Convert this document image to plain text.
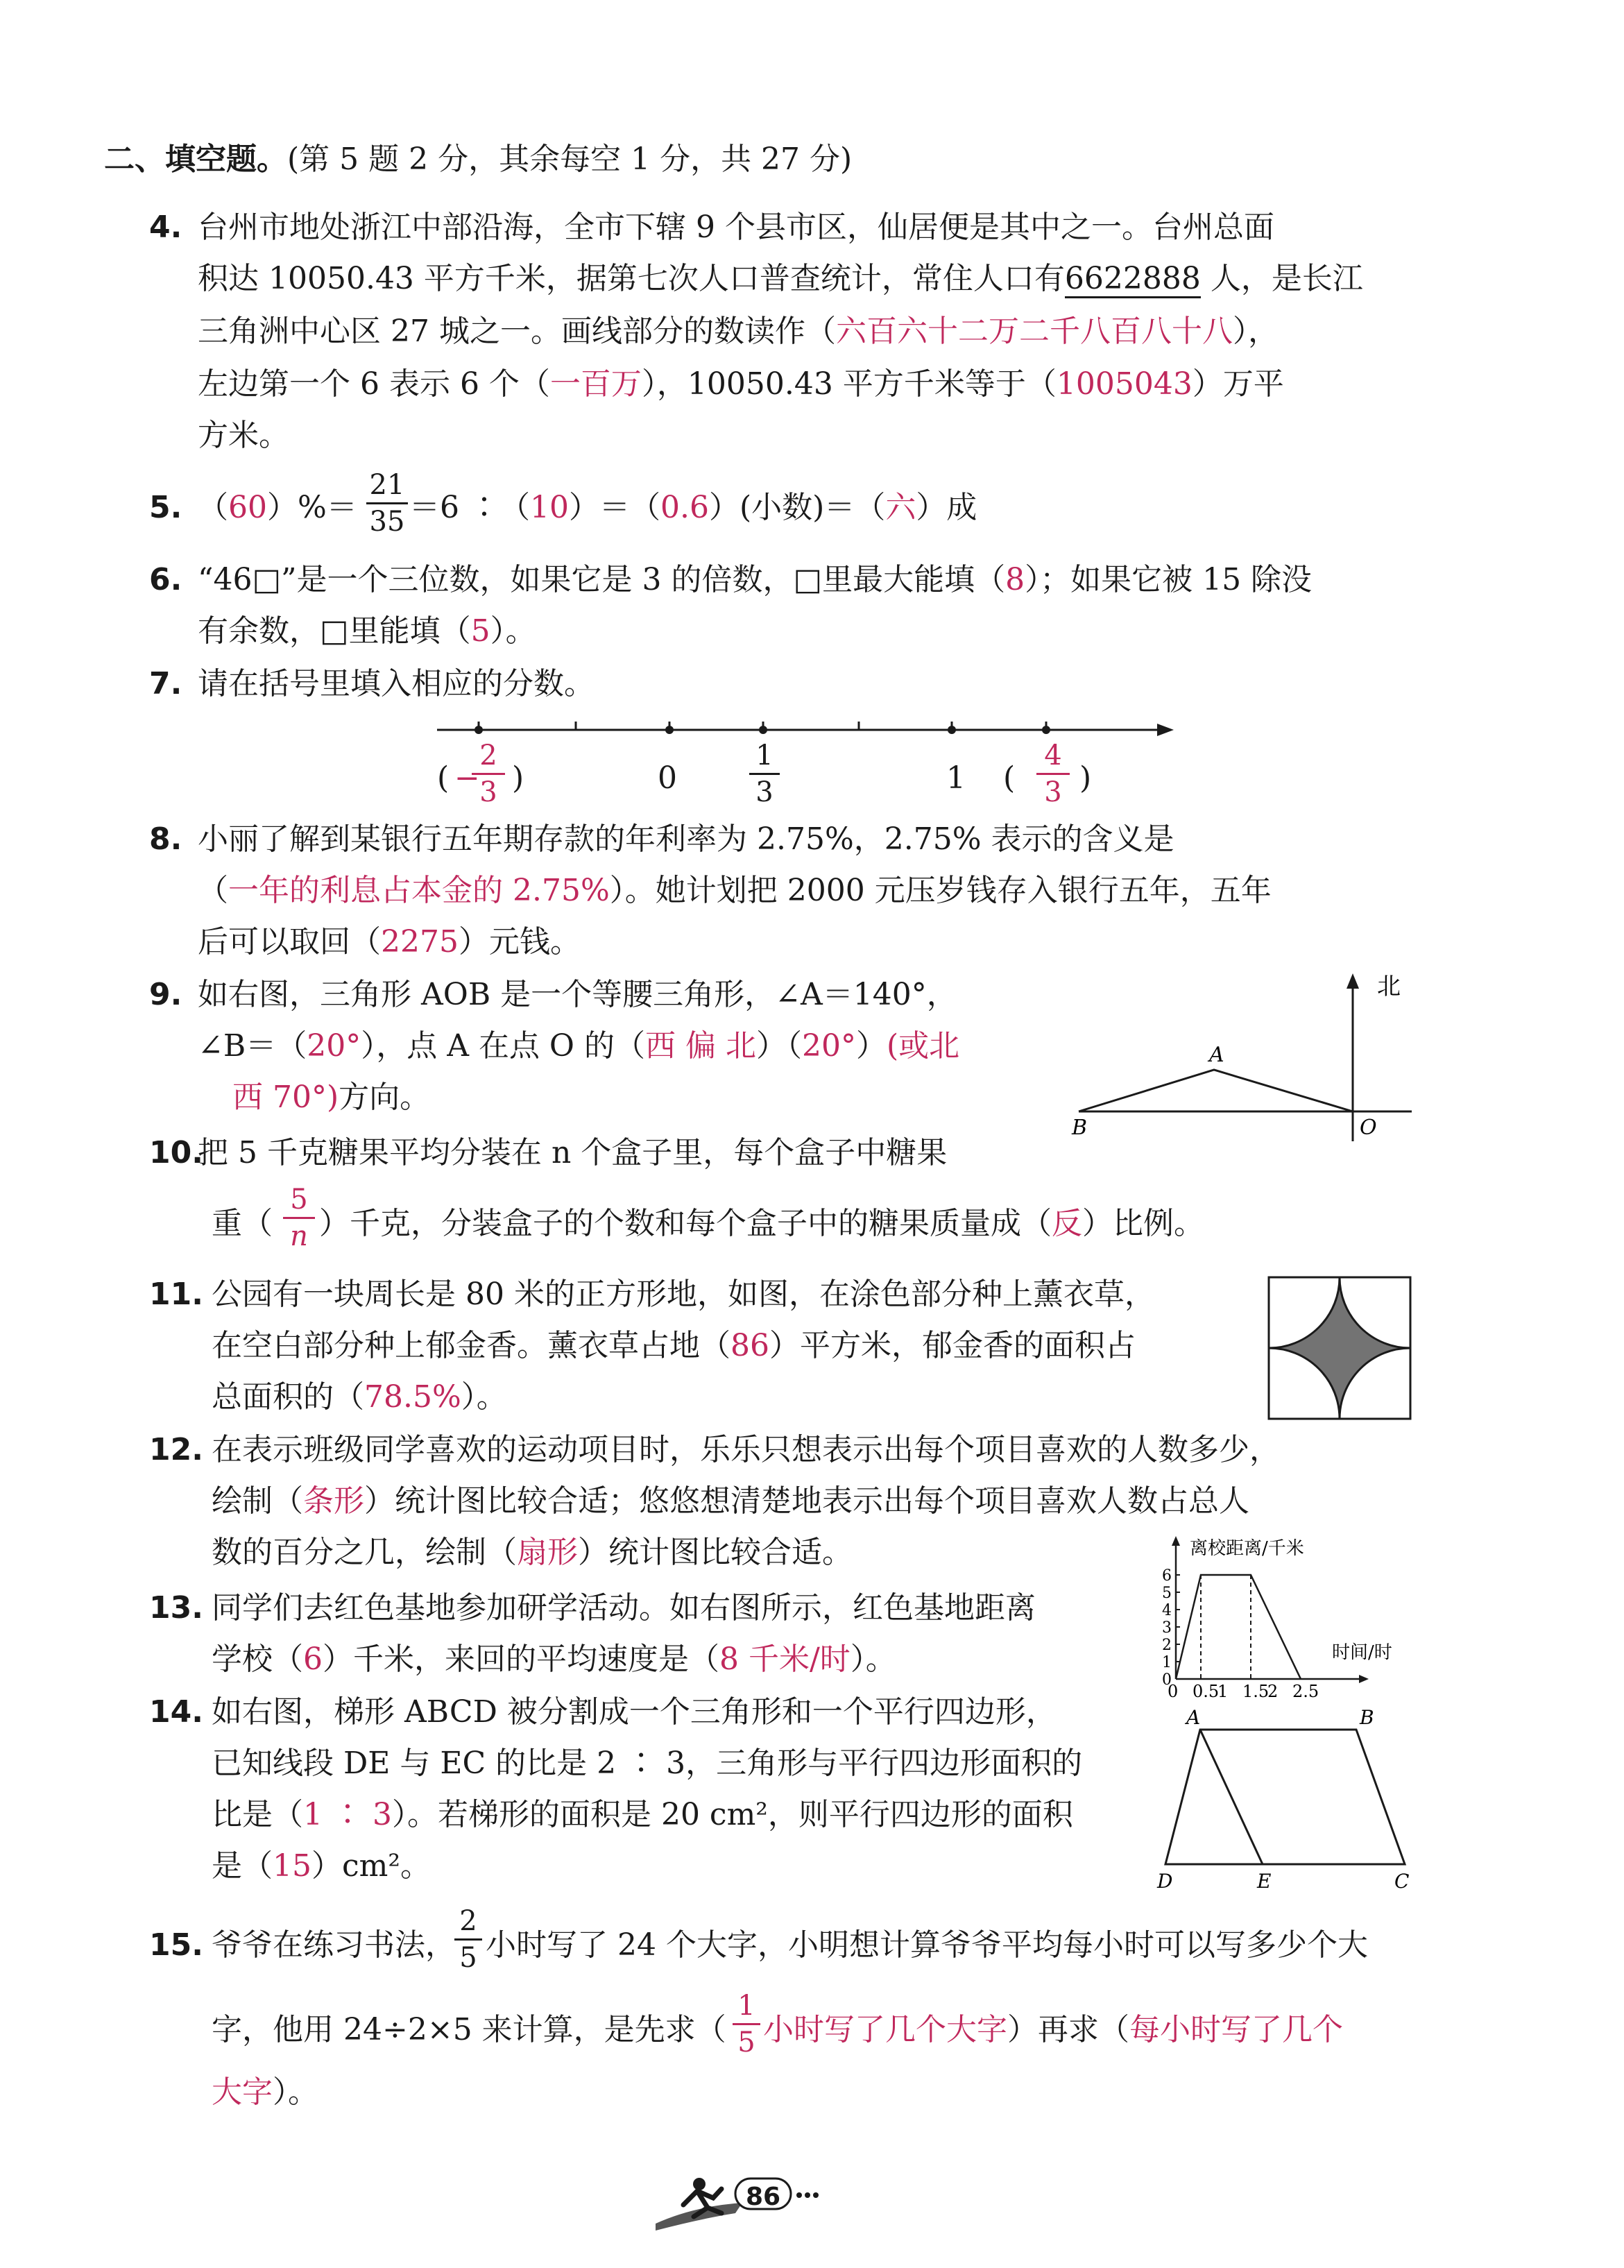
二、填空题。(第 5 题 2 分，其余每空 1 分，共 27 分)
4. 台州市地处浙江中部沿海，全市下辖 9 个县市区，仙居便是其中之一。台州总面
积达 10050.43 平方千米，据第七次人口普查统计，常住人口有6622888 人，是长江
三角洲中心区 27 城之一。画线部分的数读作（六百六十二万二千八百八十八），
左边第一个 6 表示 6 个（一百万），10050.43 平方千米等于（1005043）万平
方米。
5. （60）%＝
21
35 ＝6 ∶（10）＝（0.6）(小数)＝（六）成
6. “46□”是一个三位数，如果它是 3 的倍数，□里最大能填（8）；如果它被 15 除没
有余数，□里能填（5）。
7. 请在括号里填入相应的分数。
( −
2
3 )	0
1
3	1 (
4
3 )
8. 小丽了解到某银行五年期存款的年利率为 2.75%，2.75% 表示的含义是
（一年的利息占本金的 2.75%）。她计划把 2000 元压岁钱存入银行五年，五年
后可以取回（2275）元钱。
9. 如右图，三角形 AOB 是一个等腰三角形，∠A＝140°，
∠B＝（20°），点 A 在点 O 的（西 偏 北）（20°）(或北
西 70°)方向。
北
A
B	O
10.
把 5 千克糖果平均分装在 n 个盒子里，每个盒子中糖果
重（
5
n ）千克，分装盒子的个数和每个盒子中的糖果质量成（反）比例。
11. 公园有一块周长是 80 米的正方形地，如图，在涂色部分种上薰衣草，
在空白部分种上郁金香。薰衣草占地（86）平方米，郁金香的面积占
总面积的（78.5%）。
12. 在表示班级同学喜欢的运动项目时，乐乐只想表示出每个项目喜欢的人数多少，
绘制（条形）统计图比较合适；悠悠想清楚地表示出每个项目喜欢人数占总人
数的百分之几，绘制（扇形）统计图比较合适。
13. 同学们去红色基地参加研学活动。如右图所示，红色基地距离
学校（6）千米，来回的平均速度是（8 千米/时）。
离校距离/千米
时间/时
0 0.5
1 1.5
2 2.5
1
2
3
4
5
6
0
14. 如右图，梯形 ABCD 被分割成一个三角形和一个平行四边形，
已知线段 DE 与 EC 的比是 2 ∶ 3，三角形与平行四边形面积的
比是（1 ∶ 3）。若梯形的面积是 20 cm²，则平行四边形的面积
是（15）cm²。
A	B
C
D	E
15. 爷爷在练习书法，
2
5 小时写了 24 个大字，小明想计算爷爷平均每小时可以写多少个大
字，他用 24÷2×5 来计算，是先求（
1
5 小时写了几个大字）再求（每小时写了几个
大字）。
86
